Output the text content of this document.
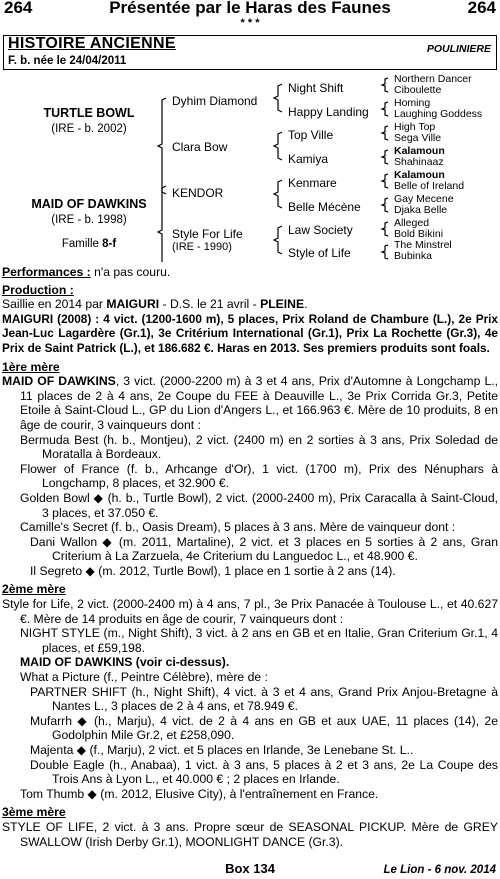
264	Présentée par le Haras des Faunes	264
* * *
HISTOIRE ANCIENNE	POULINIERE
F. b. née le 24/04/2011
TURTLE BOWL
(IRE - b. 2002)
MAID OF DAWKINS
(IRE - b. 1998)
Famille 8-f
Dyhim Diamond
Clara Bow
KENDOR
Style For Life
(IRE - 1990)
Night Shift
Happy Landing
Top Ville
Kamiya
Kenmare
Belle Mécène
Law Society
Style of Life
Northern Dancer
Ciboulette
Homing
Laughing Goddess
High Top
Sega Ville
Kalamoun
Shahinaaz
Kalamoun
Belle of Ireland
Gay Mecene
Djaka Belle
Alleged
Bold Bikini
The Minstrel
Bubinka

Performances : n'a pas couru.

Production :

Saillie en 2014 par MAIGURI - D.S. le 21 avril - PLEINE.

MAIGURI (2008) : 4 vict. (1200-1600 m), 5 places, Prix Roland de Chambure (L.), 2e Prix Jean-Luc Lagardère (Gr.1), 3e Critérium International (Gr.1), Prix La Rochette (Gr.3), 4e Prix de Saint Patrick (L.), et 186.682 €. Haras en 2013. Ses premiers produits sont foals.

1ère mère

MAID OF DAWKINS, 3 vict. (2000-2200 m) à 3 et 4 ans, Prix d'Automne à Longchamp L., 11 places de 2 à 4 ans, 2e Coupe du FEE à Deauville L., 3e Prix Corrida Gr.3, Petite Etoile à Saint-Cloud L., GP du Lion d'Angers L., et 166.963 €. Mère de 10 produits, 8 en âge de courir, 3 vainqueurs dont :

Bermuda Best (h. b., Montjeu), 2 vict. (2400 m) en 2 sorties à 3 ans, Prix Soledad de Moratalla à Bordeaux.

Flower of France (f. b., Arhcange d'Or), 1 vict. (1700 m), Prix des Nénuphars à Longchamp, 8 places, et 32.900 €.

Golden Bowl ◆ (h. b., Turtle Bowl), 2 vict. (2000-2400 m), Prix Caracalla à Saint-Cloud, 3 places, et 37.050 €.

Camille's Secret (f. b., Oasis Dream), 5 places à 3 ans. Mère de vainqueur dont :

Dani Wallon ◆ (m. 2011, Martaline), 2 vict. et 3 places en 5 sorties à 2 ans, Gran Criterium à La Zarzuela, 4e Criterium du Languedoc L., et 48.900 €.

Il Segreto ◆ (m. 2012, Turtle Bowl), 1 place en 1 sortie à 2 ans (14).

2ème mère

Style for Life, 2 vict. (2000-2400 m) à 4 ans, 7 pl., 3e Prix Panacée à Toulouse L., et 40.627 €. Mère de 14 produits en âge de courir, 7 vainqueurs dont :

NIGHT STYLE (m., Night Shift), 3 vict. à 2 ans en GB et en Italie, Gran Criterium Gr.1, 4 places, et £59,198.

MAID OF DAWKINS (voir ci-dessus).

What a Picture (f., Peintre Célèbre), mère de :

PARTNER SHIFT (h., Night Shift), 4 vict. à 3 et 4 ans, Grand Prix Anjou-Bretagne à Nantes L., 3 places de 2 à 4 ans, et 78.949 €.

Mufarrh ◆ (h., Marju), 4 vict. de 2 à 4 ans en GB et aux UAE, 11 places (14), 2e Godolphin Mile Gr.2, et £258,090.

Majenta ◆ (f., Marju), 2 vict. et 5 places en Irlande, 3e Lenebane St. L..

Double Eagle (h., Anabaa), 1 vict. à 3 ans, 5 places à 2 et 3 ans, 2e La Coupe des Trois Ans à Lyon L., et 40.000 € ; 2 places en Irlande.

Tom Thumb ◆ (m. 2012, Elusive City), à l'entraînement en France.

3ème mère

STYLE OF LIFE, 2 vict. à 3 ans. Propre sœur de SEASONAL PICKUP. Mère de GREY SWALLOW (Irish Derby Gr.1), MOONLIGHT DANCE (Gr.3).

Box 134	Le Lion - 6 nov. 2014
